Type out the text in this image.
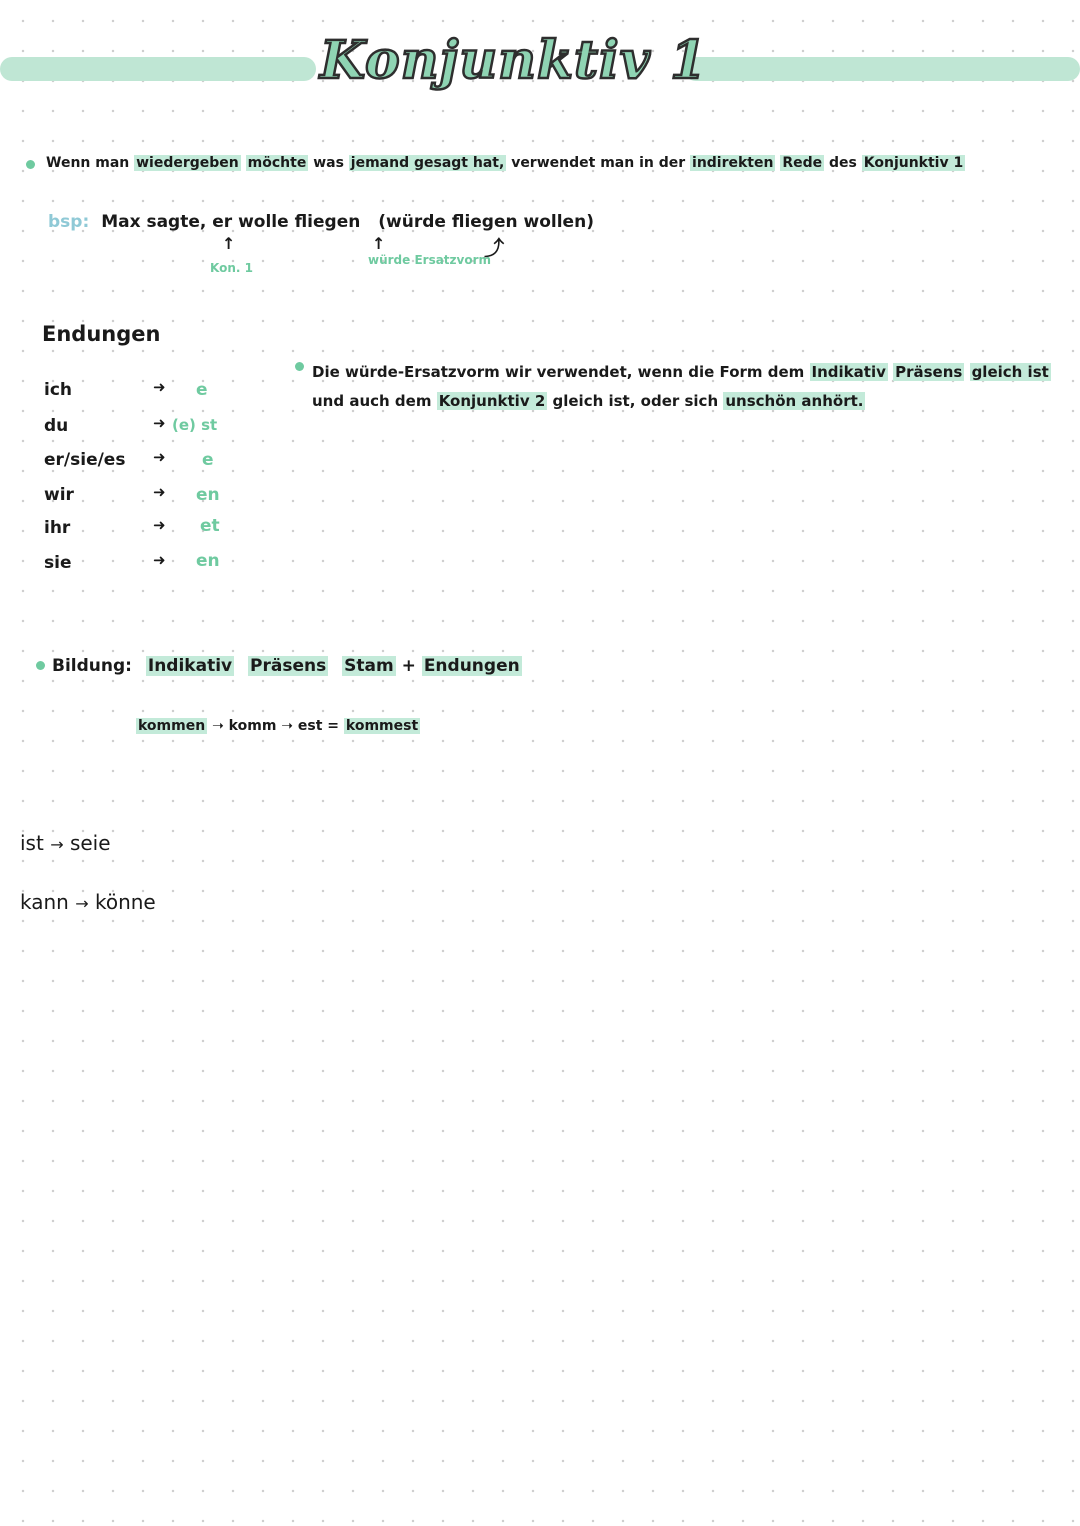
Konjunktiv 1
Wenn man wiedergeben möchte was jemand gesagt hat, verwendet man in der indirekten Rede des Konjunktiv 1
bsp: Max sagte, er wolle fliegen (würde fliegen wollen)
↑	↑	⤴
Kon. 1
würde Ersatzvorm
Endungen
ich	➜ e
du	➜ (e) st
er/sie/es ➜ e
wir	➜ en
ihr	➜ et
sie	➜ en
Die würde-Ersatzvorm wir verwendet, wenn die Form dem Indikativ Präsens gleich ist
und auch dem Konjunktiv 2 gleich ist, oder sich unschön anhört.
Bildung: Indikativ Präsens Stam + Endungen
kommen ➝ komm ➝ est = kommest
ist → seie
kann → könne
